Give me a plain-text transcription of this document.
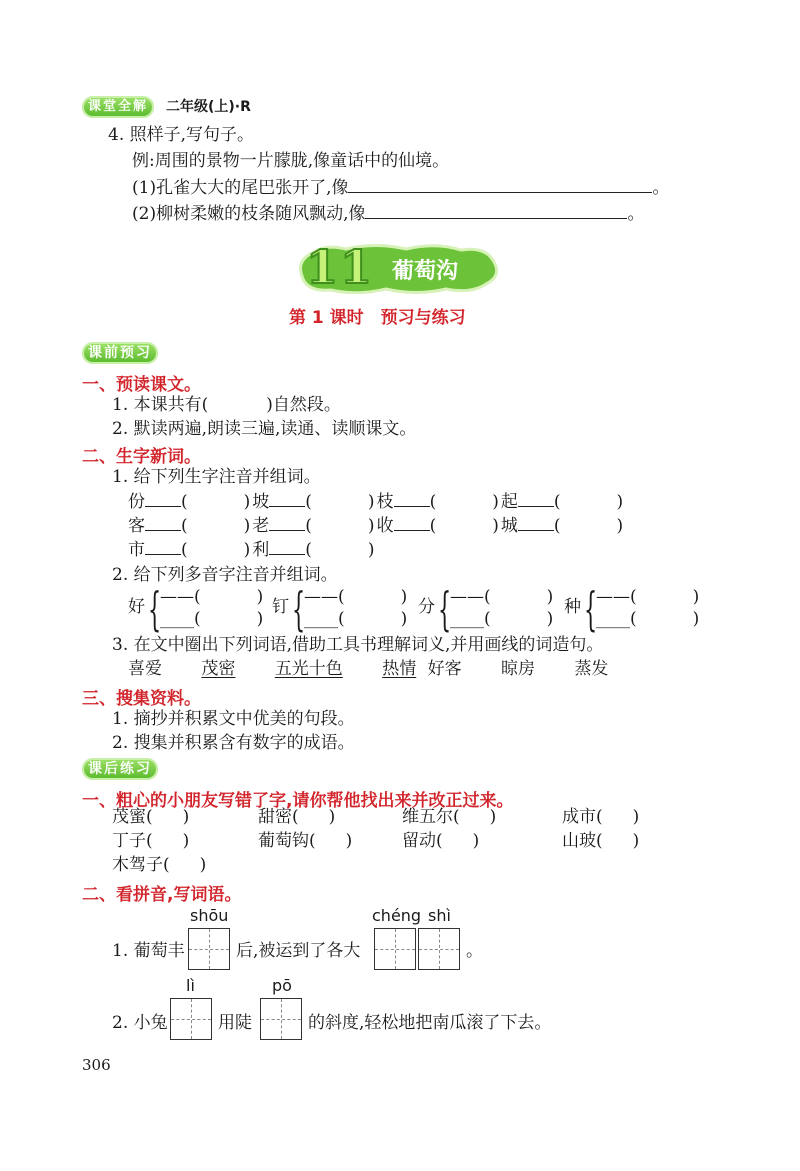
课堂全解	二年级(上)·R
4. 照样子,写句子。
例:周围的景物一片朦胧,像童话中的仙境。
(1)孔雀大大的尾巴张开了,像	。
(2)柳树柔嫩的枝条随风飘动,像	。
11 葡萄沟
第 1 课时　预习与练习
课前预习
一、预读课文。
1. 本课共有(	)自然段。
2. 默读两遍,朗读三遍,读通、读顺课文。
二、生字新词。
1. 给下列生字注音并组词。
份 (	) 坡 (	) 枝 (	) 起 (	)
客 (	) 老 (	) 收 (	) 城 (	)
市 (	) 利 (	)
2. 给下列多音字注音并组词。
好 {
——(	)
____(	)
钉 {
——(	)
____(	)
分 {
——(	)
____(	)
种 {
——(	)
____(	)
3. 在文中圈出下列词语,借助工具书理解词义,并用画线的词造句。
喜爱 茂密 五光十色 热情 好客 晾房 蒸发
三、搜集资料。
1. 摘抄并积累文中优美的句段。
2. 搜集并积累含有数字的成语。
课后练习
一、粗心的小朋友写错了字,请你帮他找出来并改正过来。
茂蜜( )	甜密( )	维五尔( )	成市( )
丁子( )	葡萄钩( )	留动( )	山玻( )
木驾子( )
二、看拼音,写词语。
shōu	chéng shì
1. 葡萄丰	后,被运到了各大	。
lì	pō
2. 小兔	用陡	的斜度,轻松地把南瓜滚了下去。
306
